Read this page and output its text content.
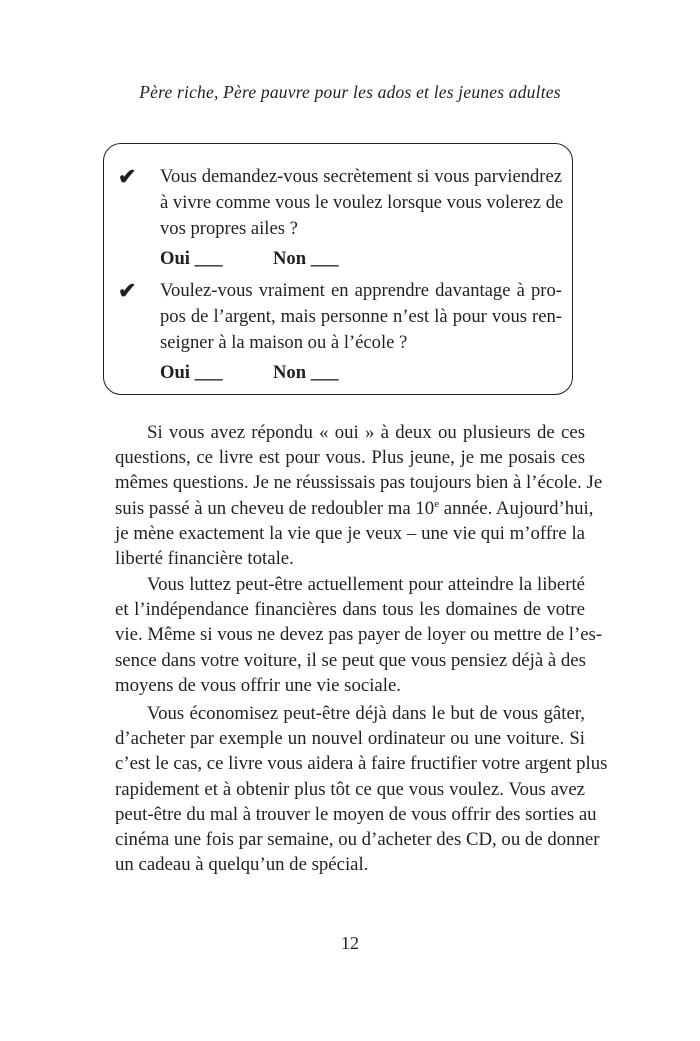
Père riche, Père pauvre pour les ados et les jeunes adultes
✔ Vous demandez-vous secrètement si vous parviendrez
à vivre comme vous le voulez lorsque vous volerez de
vos propres ailes ?
Oui ___	Non ___
✔ Voulez-vous vraiment en apprendre davantage à pro-
pos de l’argent, mais personne n’est là pour vous ren-
seigner à la maison ou à l’école ?
Oui ___	Non ___
Si vous avez répondu « oui » à deux ou plusieurs de ces
questions, ce livre est pour vous. Plus jeune, je me posais ces
mêmes questions. Je ne réussissais pas toujours bien à l’école. Je
suis passé à un cheveu de redoubler ma 10e année. Aujourd’hui,
je mène exactement la vie que je veux – une vie qui m’offre la
liberté financière totale.
Vous luttez peut-être actuellement pour atteindre la liberté
et l’indépendance financières dans tous les domaines de votre
vie. Même si vous ne devez pas payer de loyer ou mettre de l’es-
sence dans votre voiture, il se peut que vous pensiez déjà à des
moyens de vous offrir une vie sociale.
Vous économisez peut-être déjà dans le but de vous gâter,
d’acheter par exemple un nouvel ordinateur ou une voiture. Si
c’est le cas, ce livre vous aidera à faire fructifier votre argent plus
rapidement et à obtenir plus tôt ce que vous voulez. Vous avez
peut-être du mal à trouver le moyen de vous offrir des sorties au
cinéma une fois par semaine, ou d’acheter des CD, ou de donner
un cadeau à quelqu’un de spécial.
12
